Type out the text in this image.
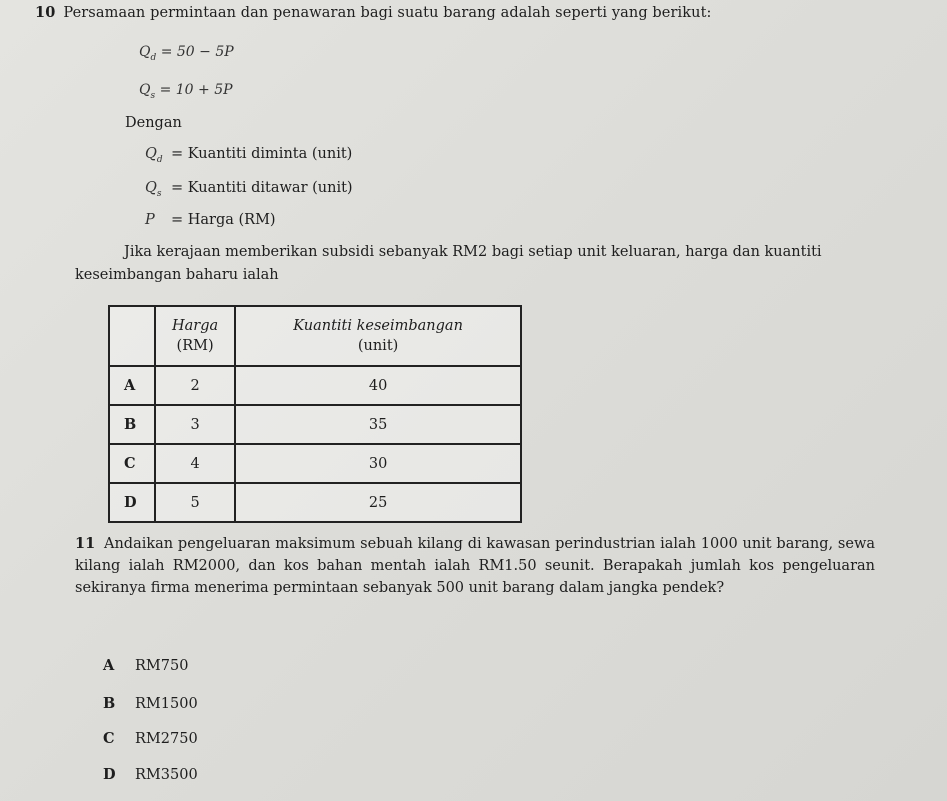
10 Persamaan permintaan dan penawaran bagi suatu barang adalah seperti yang berikut:
$Q_d = 50 - 5P$
$Q_s = 10 + 5P$
Dengan
$Q_d$ = Kuantiti diminta (unit)
$Q_s$ = Kuantiti ditawar (unit)
P = Harga (RM)
Jika kerajaan memberikan subsidi sebanyak RM2 bagi setiap unit keluaran, harga dan kuantiti
keseimbangan baharu ialah
	Harga
(RM)	Kuantiti keseimbangan
(unit)
A	2	40
B	3	35
C	4	30
D	5	25
11 Andaikan pengeluaran maksimum sebuah kilang di kawasan perindustrian ialah 1000 unit barang, sewa kilang ialah RM2000, dan kos bahan mentah ialah RM1.50 seunit. Berapakah jumlah kos pengeluaran sekiranya firma menerima permintaan sebanyak 500 unit barang dalam jangka pendek?
A RM750
B RM1500
C RM2750
D RM3500
